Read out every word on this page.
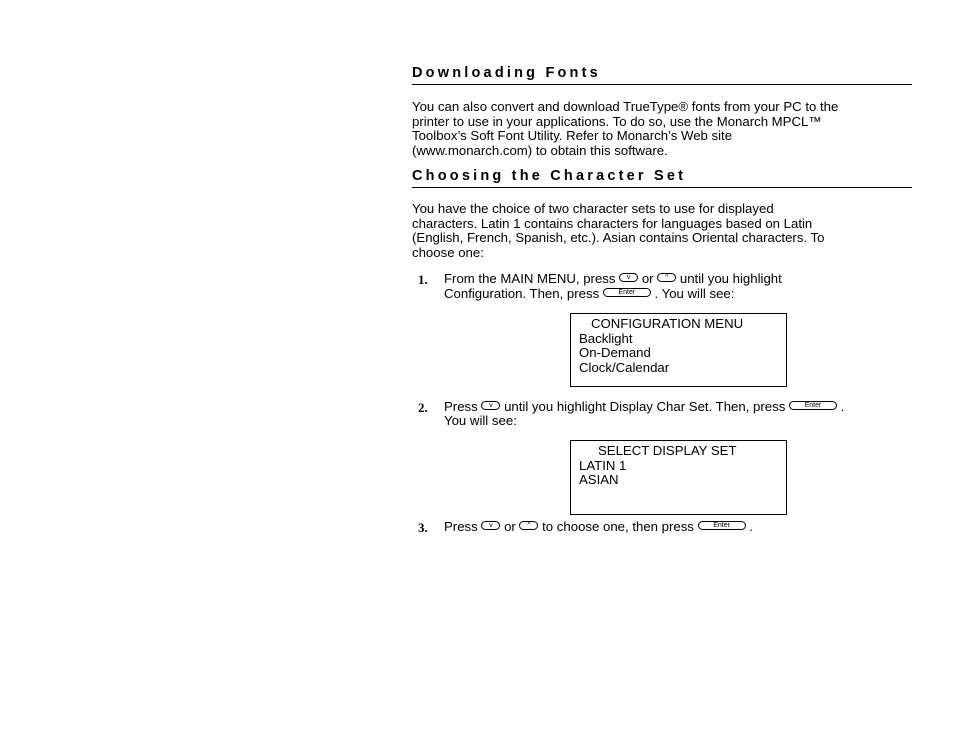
Downloading Fonts

You can also convert and download TrueType® fonts from your PC to the
printer to use in your applications. To do so, use the Monarch MPCL™
Toolbox’s Soft Font Utility. Refer to Monarch’s Web site
(www.monarch.com) to obtain this software.

Choosing the Character Set

You have the choice of two character sets to use for displayed
characters. Latin 1 contains characters for languages based on Latin
(English, French, Spanish, etc.). Asian contains Oriental characters. To
choose one:

1. From the MAIN MENU, press v or ^ until you highlight
Configuration. Then, press	Enter . You will see:
CONFIGURATION MENU
Backlight
On-Demand
Clock/Calendar
2. Press v until you highlight Display Char Set. Then, press	Enter .
You will see:
SELECT DISPLAY SET
LATIN 1
ASIAN
3. Press v or ^ to choose one, then press	Enter .
